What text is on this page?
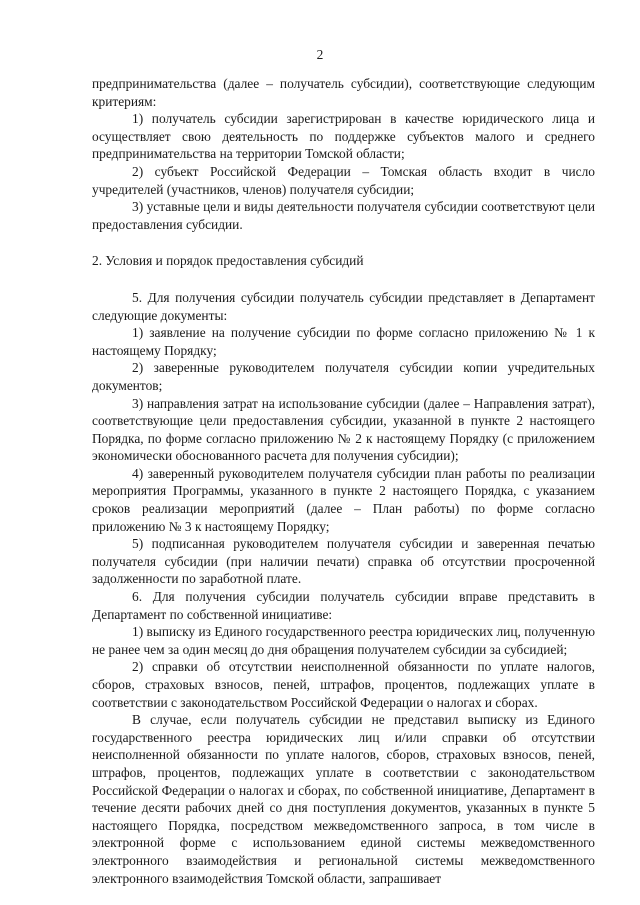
2

предпринимательства (далее – получатель субсидии), соответствующие следующим критериям:

1) получатель субсидии зарегистрирован в качестве юридического лица и осуществляет свою деятельность по поддержке субъектов малого и среднего предпринимательства на территории Томской области;

2) субъект Российской Федерации – Томская область входит в число учредителей (участников, членов) получателя субсидии;

3) уставные цели и виды деятельности получателя субсидии соответствуют цели предоставления субсидии.

2. Условия и порядок предоставления субсидий

5. Для получения субсидии получатель субсидии представляет в Департамент следующие документы:

1) заявление на получение субсидии по форме согласно приложению № 1 к настоящему Порядку;

2) заверенные руководителем получателя субсидии копии учредительных документов;

3) направления затрат на использование субсидии (далее – Направления затрат), соответствующие цели предоставления субсидии, указанной в пункте 2 настоящего Порядка, по форме согласно приложению № 2 к настоящему Порядку (с приложением экономически обоснованного расчета для получения субсидии);

4) заверенный руководителем получателя субсидии план работы по реализации мероприятия Программы, указанного в пункте 2 настоящего Порядка, с указанием сроков реализации мероприятий (далее – План работы) по форме согласно приложению № 3 к настоящему Порядку;

5) подписанная руководителем получателя субсидии и заверенная печатью получателя субсидии (при наличии печати) справка об отсутствии просроченной задолженности по заработной плате.

6. Для получения субсидии получатель субсидии вправе представить в Департамент по собственной инициативе:

1) выписку из Единого государственного реестра юридических лиц, полученную не ранее чем за один месяц до дня обращения получателем субсидии за субсидией;

2) справки об отсутствии неисполненной обязанности по уплате налогов, сборов, страховых взносов, пеней, штрафов, процентов, подлежащих уплате в соответствии с законодательством Российской Федерации о налогах и сборах.

В случае, если получатель субсидии не представил выписку из Единого государственного реестра юридических лиц и/или справки об отсутствии неисполненной обязанности по уплате налогов, сборов, страховых взносов, пеней, штрафов, процентов, подлежащих уплате в соответствии с законодательством Российской Федерации о налогах и сборах, по собственной инициативе, Департамент в течение десяти рабочих дней со дня поступления документов, указанных в пункте 5 настоящего Порядка, посредством межведомственного запроса, в том числе в электронной форме с использованием единой системы межведомственного электронного взаимодействия и региональной системы межведомственного электронного взаимодействия Томской области, запрашивает
